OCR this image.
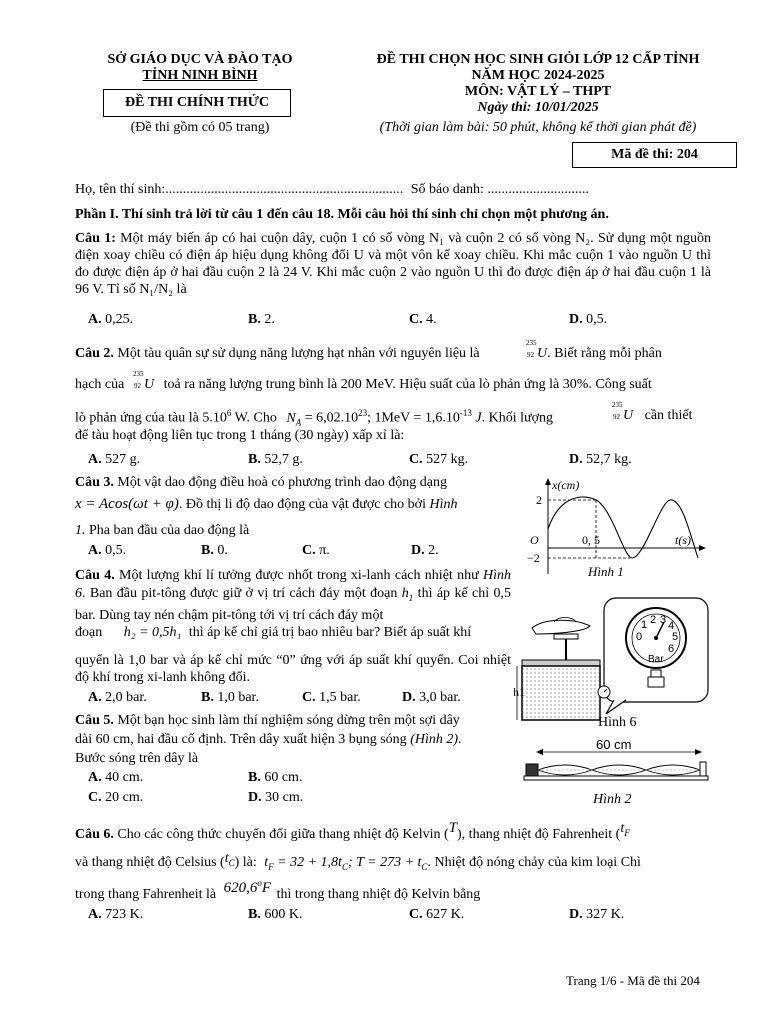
SỞ GIÁO DỤC VÀ ĐÀO TẠO
TỈNH NINH BÌNH
ĐỀ THI CHÍNH THỨC
(Đề thi gồm có 05 trang)
ĐỀ THI CHỌN HỌC SINH GIỎI LỚP 12 CẤP TỈNH
NĂM HỌC 2024-2025
MÔN: VẬT LÝ – THPT
Ngày thi: 10/01/2025
(Thời gian làm bài: 50 phút, không kể thời gian phát đề)
Mã đề thi: 204
Họ, tên thí sinh:.................................................................... Số báo danh: .............................
Phần I. Thí sinh trả lời từ câu 1 đến câu 18. Mỗi câu hỏi thí sinh chỉ chọn một phương án.
Câu 1: Một máy biến áp có hai cuộn dây, cuộn 1 có số vòng N₁ và cuộn 2 có số vòng N₂. Sử dụng một nguồn điện xoay chiều có điện áp hiệu dụng không đổi U và một vôn kế xoay chiều. Khi mắc cuộn 1 vào nguồn U thì đo được điện áp ở hai đầu cuộn 2 là 24 V. Khi mắc cuộn 2 vào nguồn U thì đo được điện áp ở hai đầu cuộn 1 là 96 V. Tỉ số N₁/N₂ là
A. 0,25.	B. 2.	C. 4.	D. 0,5.
Câu 2. Một tàu quân sự sử dụng năng lượng hạt nhân với nguyên liệu là
235
92 U. Biết rằng mỗi phân
hạch của
235
92 U toả ra năng lượng trung bình là 200 MeV. Hiệu suất của lò phản ứng là 30%. Công suất
lò phản ứng của tàu là 5.10$^6$ W. Cho $N_A = 6,02.10^{23}$; $1MeV = 1,6.10^{-13}$ J. Khối lượng
235
92 U cần thiết
để tàu hoạt động liên tục trong 1 tháng (30 ngày) xấp xỉ là:
A. 527 g.	B. 52,7 g.	C. 527 kg.	D. 52,7 kg.
Câu 3. Một vật dao động điều hoà có phương trình dao động dạng
x = Acos(ωt + φ). Đồ thị li độ dao động của vật được cho bởi Hình
1. Pha ban đầu của dao động là
A. 0,5.	B. 0.	C. π.	D. 2.
x(cm)
2
−2
O	0, 5	t(s)
Hình 1
Câu 4. Một lượng khí lí tưởng được nhốt trong xi-lanh cách nhiệt như Hình 6. Ban đầu pit-tông được giữ ở vị trí cách đáy một đoạn $h_1$ thì áp kế chỉ 0,5 bar. Dùng tay nén chậm pit-tông tới vị trí cách đáy một
đoạn h₂ = 0,5h₁ thì áp kế chỉ giá trị bao nhiêu bar? Biết áp suất khí
quyển là 1,0 bar và áp kế chỉ mức “0” ứng với áp suất khí quyển. Coi nhiệt độ khí trong xi-lanh không đổi.
A. 2,0 bar.	B. 1,0 bar.	C. 1,5 bar.	D. 3,0 bar.
1 2 3 4
0	5
6
Bar
h1
Hình 6
Câu 5. Một bạn học sinh làm thí nghiệm sóng dừng trên một sợi dây
dài 60 cm, hai đầu cố định. Trên dây xuất hiện 3 bụng sóng (Hình 2).
Bước sóng trên dây là
A. 40 cm.	B. 60 cm.
C. 20 cm.	D. 30 cm.
60 cm
Hình 2
Câu 6. Cho các công thức chuyển đổi giữa thang nhiệt độ Kelvin (T), thang nhiệt độ Fahrenheit ($t_F$
và thang nhiệt độ Celsius $(t_C)$ là: $t_F = 32 + 1,8t_C$; $T = 273 + t_C$. Nhiệt độ nóng chảy của kim loại Chì
trong thang Fahrenheit là 620,6$^o$F thì trong thang nhiệt độ Kelvin bằng
A. 723 K.	B. 600 K.	C. 627 K.	D. 327 K.
Trang 1/6 - Mã đề thi 204
